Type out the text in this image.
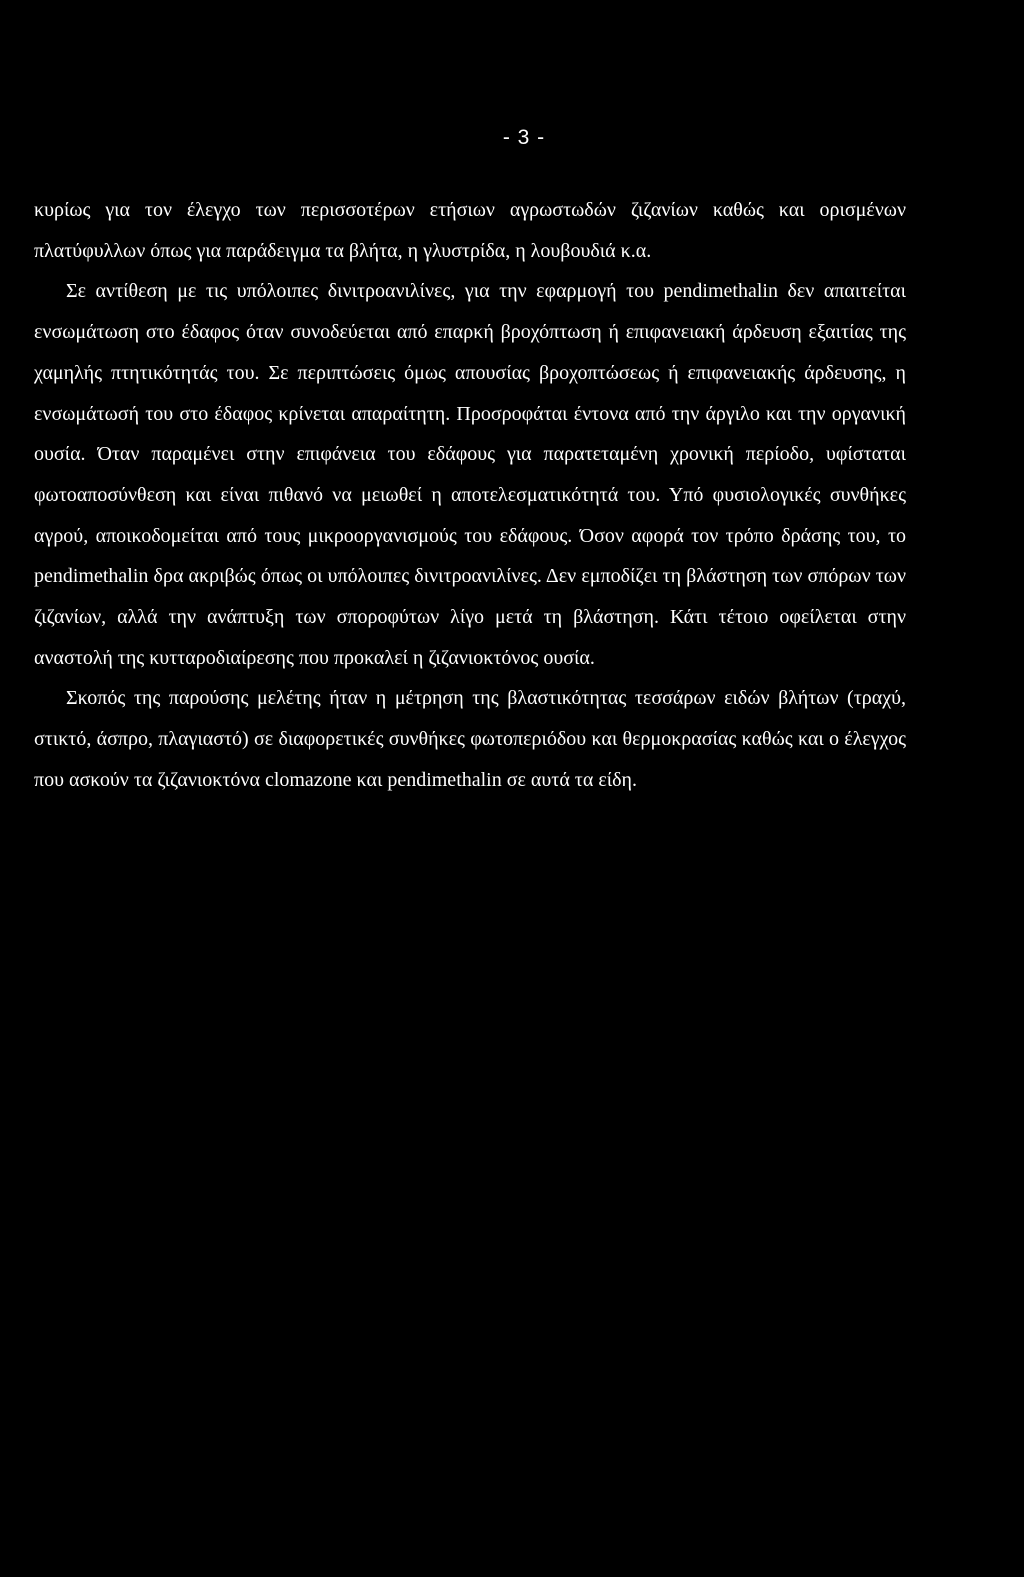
- 3 -

κυρίως για τον έλεγχο των περισσοτέρων ετήσιων αγρωστωδών ζιζανίων καθώς και ορισμένων πλατύφυλλων όπως για παράδειγμα τα βλήτα, η γλυστρίδα, η λουβουδιά κ.α.

Σε αντίθεση με τις υπόλοιπες δινιτροανιλίνες, για την εφαρμογή του pendimethalin δεν απαιτείται ενσωμάτωση στο έδαφος όταν συνοδεύεται από επαρκή βροχόπτωση ή επιφανειακή άρδευση εξαιτίας της χαμηλής πτητικότητάς του. Σε περιπτώσεις όμως απουσίας βροχοπτώσεως ή επιφανειακής άρδευσης, η ενσωμάτωσή του στο έδαφος κρίνεται απαραίτητη. Προσροφάται έντονα από την άργιλο και την οργανική ουσία. Όταν παραμένει στην επιφάνεια του εδάφους για παρατεταμένη χρονική περίοδο, υφίσταται φωτοαποσύνθεση και είναι πιθανό να μειωθεί η αποτελεσματικότητά του. Υπό φυσιολογικές συνθήκες αγρού, αποικοδομείται από τους μικροοργανισμούς του εδάφους. Όσον αφορά τον τρόπο δράσης του, το pendimethalin δρα ακριβώς όπως οι υπόλοιπες δινιτροανιλίνες. Δεν εμποδίζει τη βλάστηση των σπόρων των ζιζανίων, αλλά την ανάπτυξη των σποροφύτων λίγο μετά τη βλάστηση. Κάτι τέτοιο οφείλεται στην αναστολή της κυτταροδιαίρεσης που προκαλεί η ζιζανιοκτόνος ουσία.

Σκοπός της παρούσης μελέτης ήταν η μέτρηση της βλαστικότητας τεσσάρων ειδών βλήτων (τραχύ, στικτό, άσπρο, πλαγιαστό) σε διαφορετικές συνθήκες φωτοπεριόδου και θερμοκρασίας καθώς και ο έλεγχος που ασκούν τα ζιζανιοκτόνα clomazone και pendimethalin σε αυτά τα είδη.
